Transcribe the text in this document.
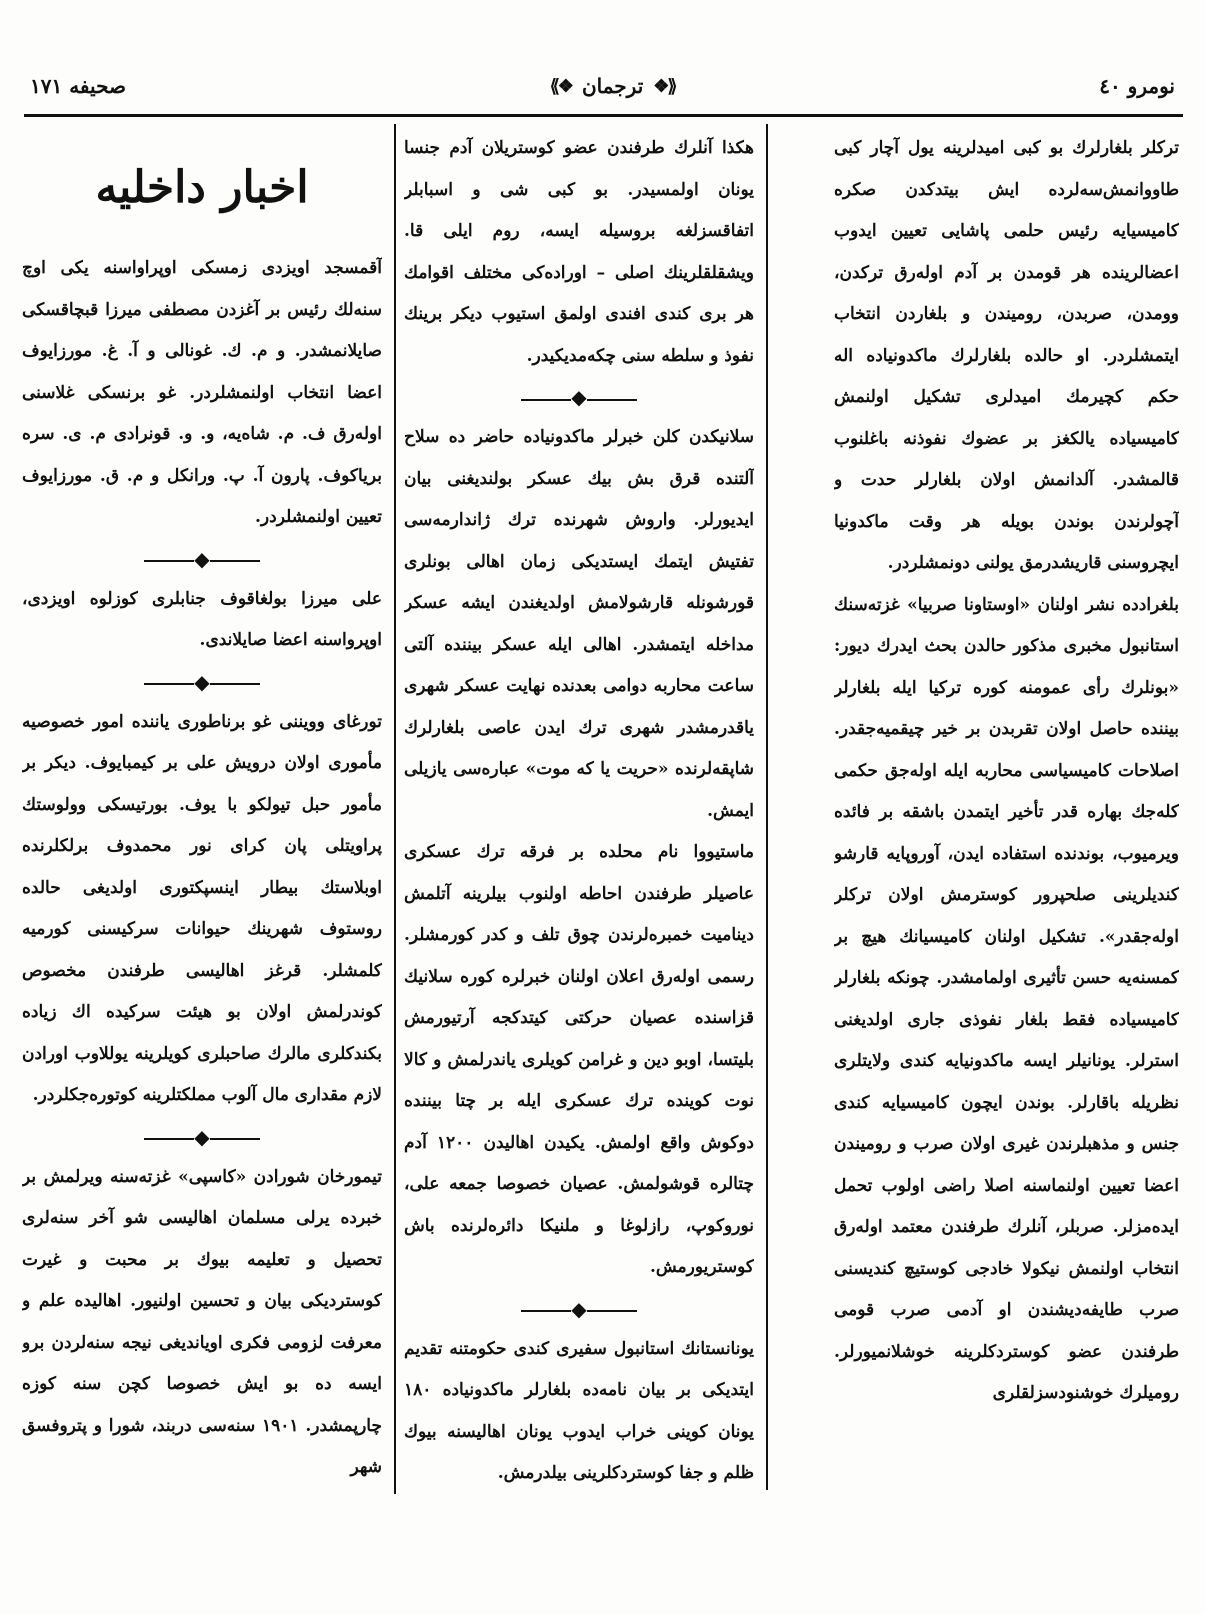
نومرو ٤٠
⟪❖
ترجمان
❖⟫
صحیفه ۱۷۱

ترکلر بلغارلرك بو کبی امیدلرینه یول آچار کبی طاووانمش‌سه‌لرده ایش بیتدکدن صکره کامیسیایه رئیس حلمی پاشایی تعیین ایدوب اعضالرینده هر قومدن بر آدم اوله‌رق ترکدن، وومدن، صربدن، رومیندن و بلغاردن انتخاب ایتمشلردر. او حالده بلغارلرك ماکدونیاده اله حکم کچیرمك امیدلری تشکیل اولنمش کامیسیاده یالکغز بر عضوك نفوذنه باغلنوب قالمشدر. آلدانمش اولان بلغارلر حدت و آچولرندن بوندن بویله هر وقت ماکدونیا ایچروسنی قاریشدرمق یولنی دونمشلردر.

بلغرادده نشر اولنان «اوستاونا صربیا» غزته‌سنك استانبول مخبری مذکور حالدن بحث ایدرك دیور: «بونلرك رأی عمومنه کوره ترکیا ایله بلغارلر بیننده حاصل اولان تقربدن بر خیر چیقمیه‌جقدر. اصلاحات کامیسیاسی محاربه ایله اوله‌جق حکمی کله‌جك بهاره قدر تأخیر ایتمدن باشقه بر فائده ویرمیوب، بوندنده استفاده ایدن، آوروپایه قارشو کندیلرینی صلحپرور کوسترمش اولان ترکلر اوله‌جقدر». تشکیل اولنان کامیسیانك هیچ بر کمسنه‌یه حسن تأثیری اولمامشدر. چونکه بلغارلر کامیسیاده فقط بلغار نفوذی جاری اولدیغنی استرلر. یونانیلر ایسه ماکدونیایه کندی ولایتلری نظریله باقارلر. بوندن ایچون کامیسیایه کندی جنس و مذهبلرندن غیری اولان صرب و رومیندن اعضا تعیین اولنماسنه اصلا راضی اولوب تحمل ایده‌مزلر. صربلر، آنلرك طرفندن معتمد اوله‌رق انتخاب اولنمش نیکولا خادجی کوستیچ کندیسنی صرب طایفه‌دیشندن او آدمی صرب قومی طرفندن عضو کوستردکلرینه خوشلانمیورلر. رومیلرك خوشنودسزلقلری

هکذا آنلرك طرفندن عضو کوستریلان آدم جنسا یونان اولمسیدر. بو کبی شی و اسبابلر اتفاقسزلغه بروسیله ایسه، روم ایلی قا. ویشقلقلرینك اصلی – اوراده‌کی مختلف اقوامك هر بری کندی افندی اولمق استیوب دیکر برینك نفوذ و سلطه سنی چکه‌مدیکیدر.

◆

سلانیکدن کلن خبرلر ماکدونیاده حاضر ده سلاح آلتنده قرق بش بیك عسکر بولندیغنی بیان ایدیورلر. واروش شهرنده ترك ژاندارمه‌سی تفتیش ایتمك ایستدیکی زمان اهالی بونلری قورشونله قارشولامش اولدیغندن ایشه عسکر مداخله ایتمشدر. اهالی ایله عسکر بیننده آلتی ساعت محاربه دوامی بعدنده نهایت عسکر شهری یاقدرمشدر شهری ترك ایدن عاصی بلغارلرك شاپقه‌لرنده «حریت یا که موت» عباره‌سی یازیلی ایمش.

ماستیووا نام محلده بر فرقه ترك عسکری عاصیلر طرفندن احاطه اولنوب بیلرینه آتلمش دینامیت خمبره‌لرندن چوق تلف و کدر کورمشلر. رسمی اوله‌رق اعلان اولنان خبرلره کوره سلانیك قزاسنده عصیان حرکتی کیتدکجه آرتیورمش بلیتسا، اوبو دین و غرامن کویلری یاندرلمش و کالا نوت کوینده ترك عسکری ایله بر چتا بیننده دوکوش واقع اولمش. یکیدن اهالیدن ۱۲۰۰ آدم چتالره قوشولمش. عصیان خصوصا جمعه علی، نوروکوپ، رازلوغا و ملنیکا دائره‌لرنده باش کوستریورمش.

◆

یونانستانك استانبول سفیری کندی حکومتنه تقدیم ایتدیکی بر بیان نامه‌ده بلغارلر ماکدونیاده ۱۸۰ یونان کوینی خراب ایدوب یونان اهالیسنه بیوك ظلم و جفا کوستردکلرینی بیلدرمش.

اخبار داخلیه

آقمسجد اویزدی زمسکی اوپراواسنه یکی اوچ سنه‌لك رئیس بر آغزدن مصطفی میرزا قبچاقسکی صایلانمشدر. و م. ك. غونالی و آ. غ. مورزایوف اعضا انتخاب اولنمشلردر. غو برنسکی غلاسنی اوله‌رق ف. م. شاه‌یه، و. و. قونرادی م. ی. سره بریاکوف. پارون آ. پ. ورانکل و م. ق. مورزایوف تعیین اولنمشلردر.

◆

علی میرزا بولغاقوف جنابلری کوزلوه اویزدی، اوپرواسنه اعضا صایلاندی.

◆

تورغای وویننی غو برناطوری یاننده امور خصوصیه مأموری اولان درویش علی بر کیمبایوف. دیکر بر مأمور حبل تیولکو با یوف. بورتیسکی وولوستك پراویتلی پان کرای نور محمدوف برلکلرنده اوبلاستك بیطار اینسپکتوری اولدیغی حالده روستوف شهرینك حیوانات سرکیسنی کورمیه کلمشلر. قرغز اهالیسی طرفندن مخصوص کوندرلمش اولان بو هیئت سرکیده اك زیاده بکندکلری مالرك صاحبلری کویلرینه یوللاوب اورادن لازم مقداری مال آلوب مملکتلرینه کوتوره‌جکلردر.

◆

تیمورخان شورادن «کاسپی» غزته‌سنه ویرلمش بر خبرده یرلی مسلمان اهالیسی شو آخر سنه‌لری تحصیل و تعلیمه بیوك بر محبت و غیرت کوستردیکی بیان و تحسین اولنیور. اهالیده علم و معرفت لزومی فکری اویاندیغی نیجه سنه‌لردن برو ایسه ده بو ایش خصوصا کچن سنه کوزه چارپمشدر. ۱۹۰۱ سنه‌سی دربند، شورا و پتروفسق شهر
